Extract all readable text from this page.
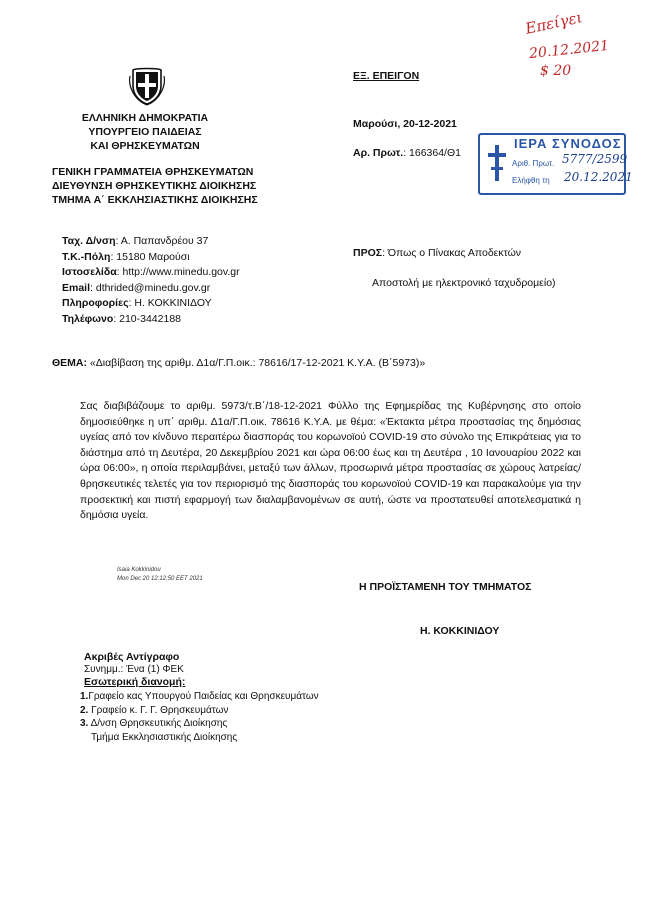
Επείγει
20.12.2021
$ 20
ΕΛΛΗΝΙΚΗ ΔΗΜΟΚΡΑΤΙΑ
ΥΠΟΥΡΓΕΙΟ ΠΑΙΔΕΙΑΣ
ΚΑΙ ΘΡΗΣΚΕΥΜΑΤΩΝ
ΓΕΝΙΚΗ ΓΡΑΜΜΑΤΕΙΑ ΘΡΗΣΚΕΥΜΑΤΩΝ
ΔΙΕΥΘΥΝΣΗ ΘΡΗΣΚΕΥΤΙΚΗΣ ΔΙΟΙΚΗΣΗΣ
ΤΜΗΜΑ Α΄ ΕΚΚΛΗΣΙΑΣΤΙΚΗΣ ΔΙΟΙΚΗΣΗΣ
ΕΞ. ΕΠΕΙΓΟΝ
Μαρούσι, 20-12-2021
Αρ. Πρωτ.: 166364/Θ1
ΙΕΡΑ ΣΥΝΟΔΟΣ
Αριθ. Πρωτ. 5777/2599
Ελήφθη τη 20.12.2021
Ταχ. Δ/νση: Α. Παπανδρέου 37
Τ.Κ.-Πόλη: 15180 Μαρούσι
Ιστοσελίδα: http://www.minedu.gov.gr
Email: dthrided@minedu.gov.gr
Πληροφορίες: Η. ΚΟΚΚΙΝΙΔΟΥ
Τηλέφωνο: 210-3442188
ΠΡΟΣ: Όπως ο Πίνακας Αποδεκτών
Αποστολή με ηλεκτρονικό ταχυδρομείο)
ΘΕΜΑ: «Διαβίβαση της αριθμ. Δ1α/Γ.Π.οικ.: 78616/17-12-2021 Κ.Υ.Α. (Β΄5973)»
Σας διαβιβάζουμε το αριθμ. 5973/τ.Β΄/18-12-2021 Φύλλο της Εφημερίδας της Κυβέρνησης στο οποίο δημοσιεύθηκε η υπ΄ αριθμ. Δ1α/Γ.Π.οικ. 78616 Κ.Υ.Α. με θέμα: «Έκτακτα μέτρα προστασίας της δημόσιας υγείας από τον κίνδυνο περαιτέρω διασποράς του κορωνοϊού COVID-19 στο σύνολο της Επικράτειας για το διάστημα από τη Δευτέρα, 20 Δεκεμβρίου 2021 και ώρα 06:00 έως και τη Δευτέρα , 10 Ιανουαρίου 2022 και ώρα 06:00», η οποία περιλαμβάνει, μεταξύ των άλλων, προσωρινά μέτρα προστασίας σε χώρους λατρείας/θρησκευτικές τελετές για τον περιορισμό της διασποράς του κορωνοϊού COVID-19 και παρακαλούμε για την προσεκτική και πιστή εφαρμογή των διαλαμβανομένων σε αυτή, ώστε να προστατευθεί αποτελεσματικά η δημόσια υγεία.
Isaia Kokkinidou
Mon Dec 20 12:12:50 EET 2021
Η ΠΡΟΪΣΤΑΜΕΝΗ ΤΟΥ ΤΜΗΜΑΤΟΣ
Η. ΚΟΚΚΙΝΙΔΟΥ
Ακριβές Αντίγραφο
Συνημμ.: Ένα (1) ΦΕΚ
Εσωτερική διανομή:
1.Γραφείο κας Υπουργού Παιδείας και Θρησκευμάτων
2. Γραφείο κ. Γ. Γ. Θρησκευμάτων
3. Δ/νση Θρησκευτικής Διοίκησης
Τμήμα Εκκλησιαστικής Διοίκησης
